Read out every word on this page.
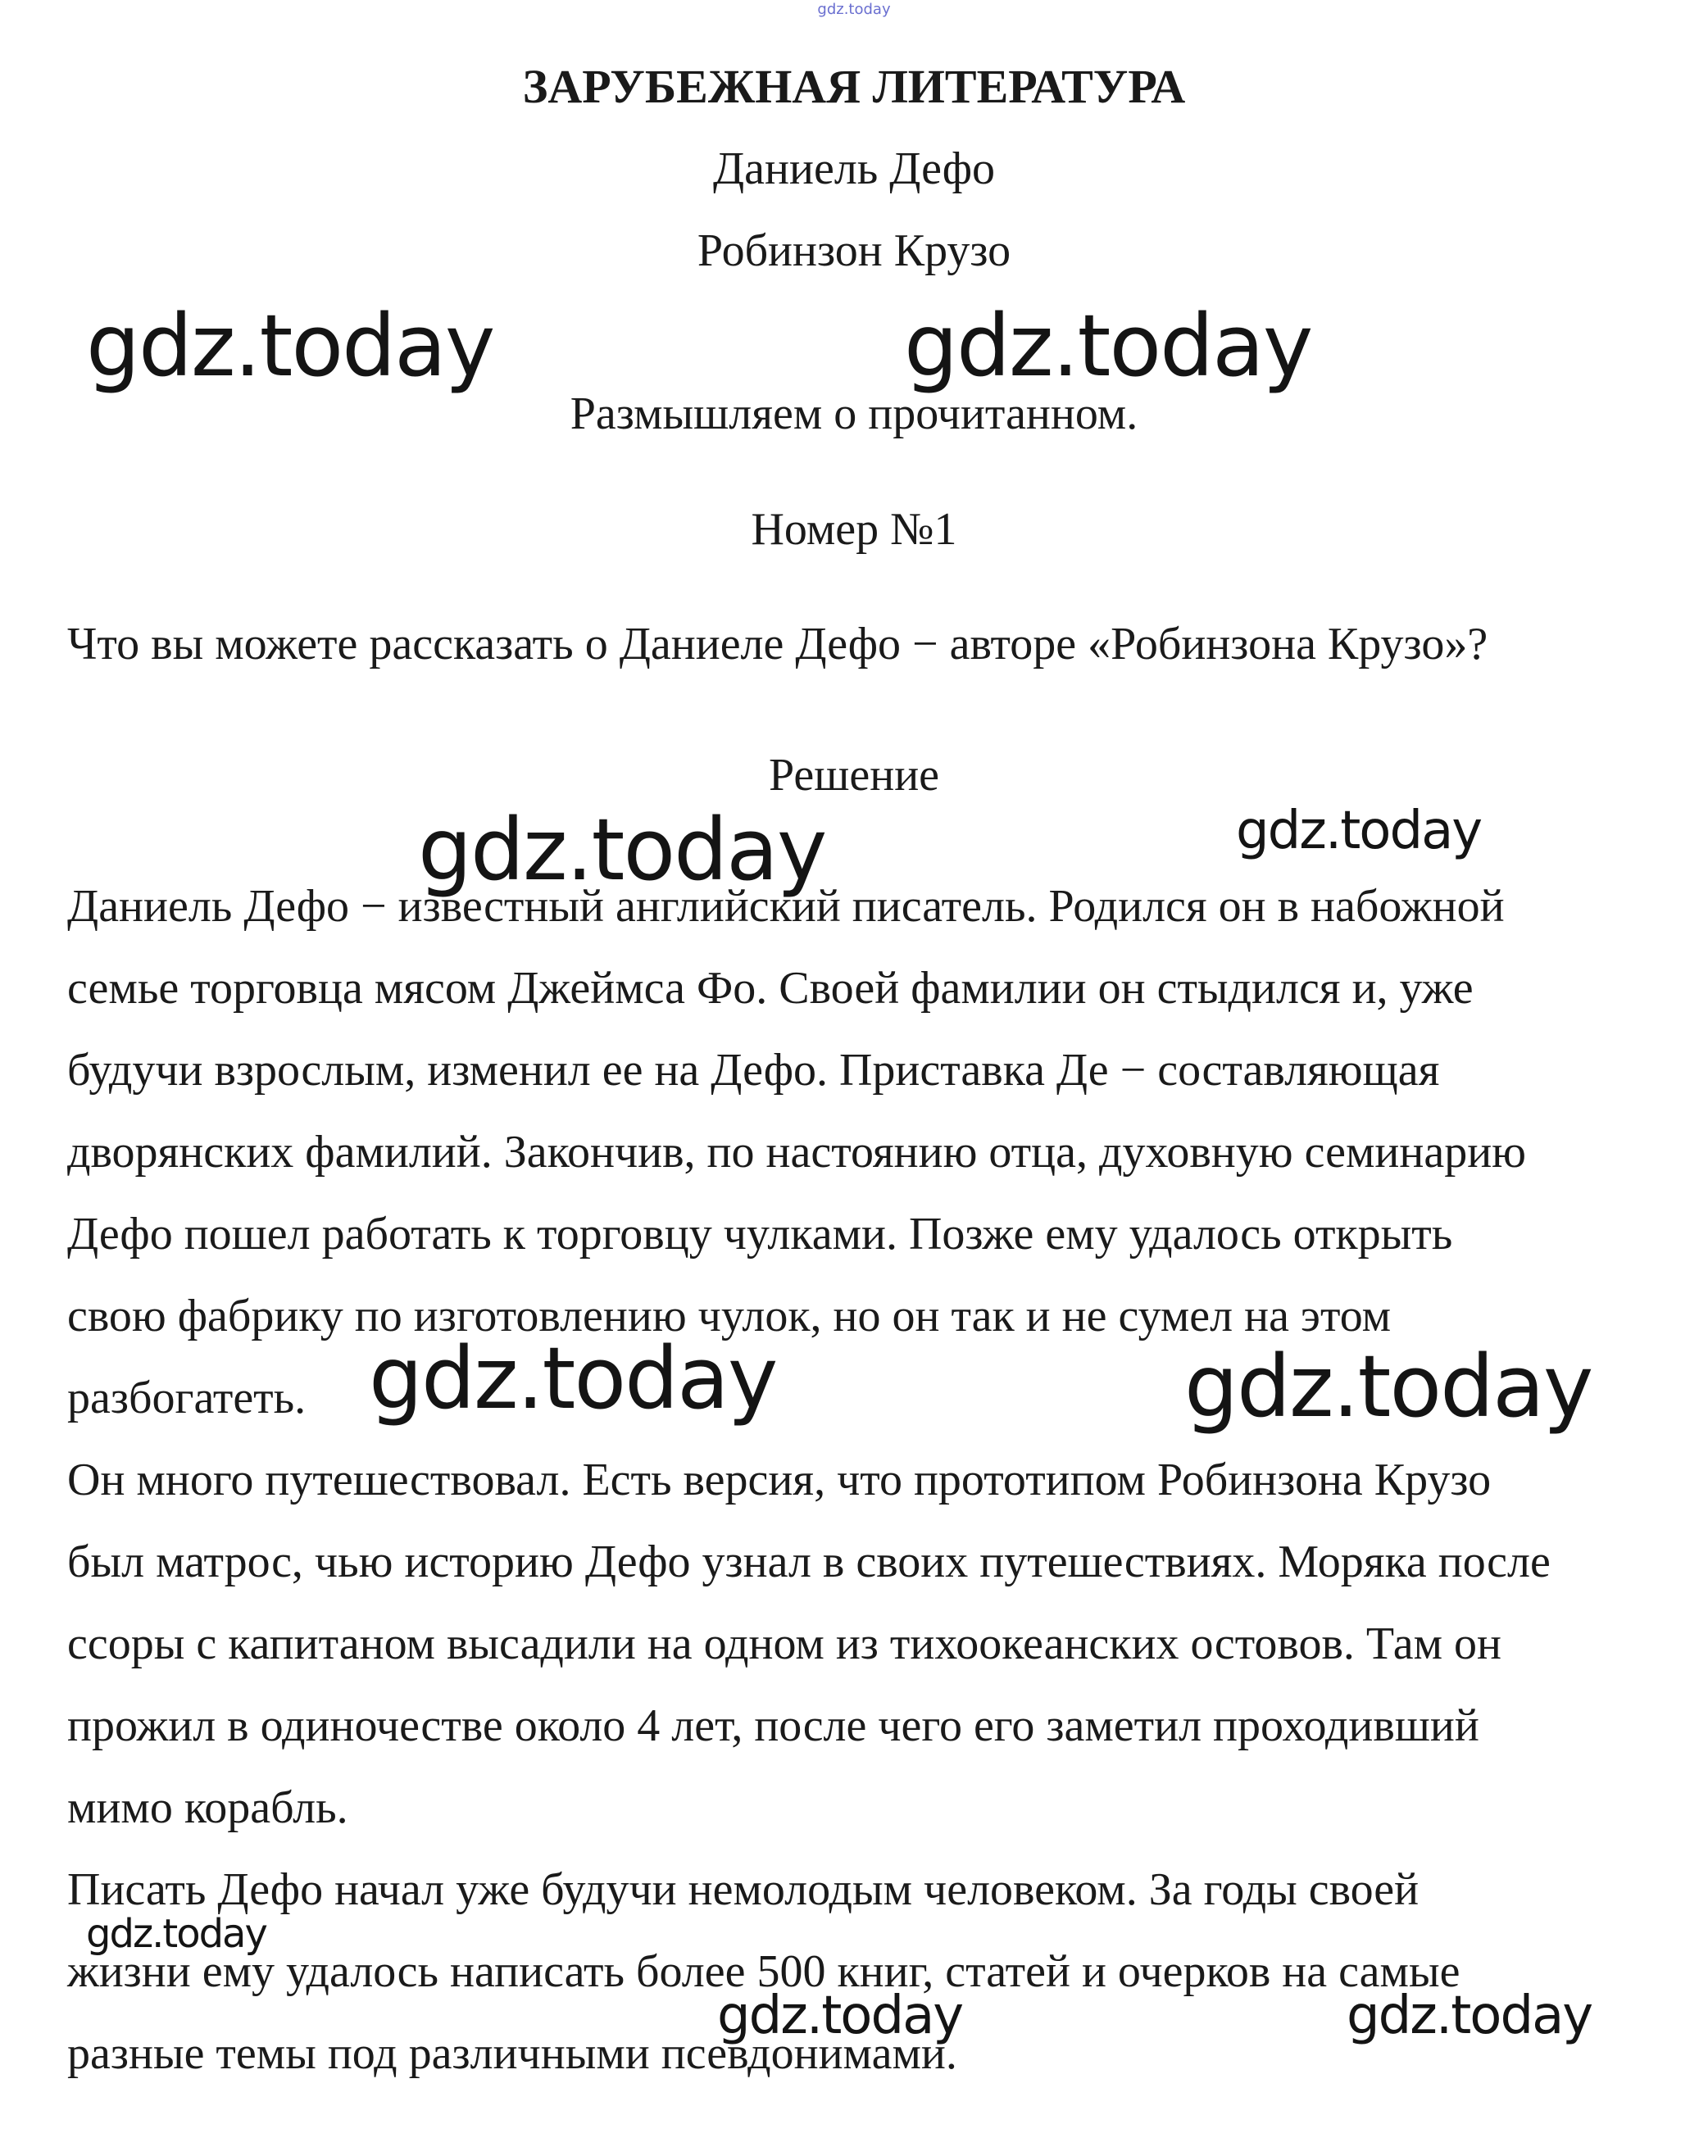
gdz.today
ЗАРУБЕЖНАЯ ЛИТЕРАТУРА
Даниель Дефо
Робинзон Крузо
Размышляем о прочитанном.
Номер №1
Что вы можете рассказать о Даниеле Дефо − авторе «Робинзона Крузо»?
Решение
Даниель Дефо − известный английский писатель. Родился он в набожной
семье торговца мясом Джеймса Фо. Своей фамилии он стыдился и, уже
будучи взрослым, изменил ее на Дефо. Приставка Де − составляющая
дворянских фамилий. Закончив, по настоянию отца, духовную семинарию
Дефо пошел работать к торговцу чулками. Позже ему удалось открыть
свою фабрику по изготовлению чулок, но он так и не сумел на этом
разбогатеть.
Он много путешествовал. Есть версия, что прототипом Робинзона Крузо
был матрос, чью историю Дефо узнал в своих путешествиях. Моряка после
ссоры с капитаном высадили на одном из тихоокеанских остовов. Там он
прожил в одиночестве около 4 лет, после чего его заметил проходивший
мимо корабль.
Писать Дефо начал уже будучи немолодым человеком. За годы своей
жизни ему удалось написать более 500 книг, статей и очерков на самые
разные темы под различными псевдонимами.
gdz.today	gdz.today
gdz.today	gdz.today
gdz.today	gdz.today
gdz.today
gdz.today	gdz.today
